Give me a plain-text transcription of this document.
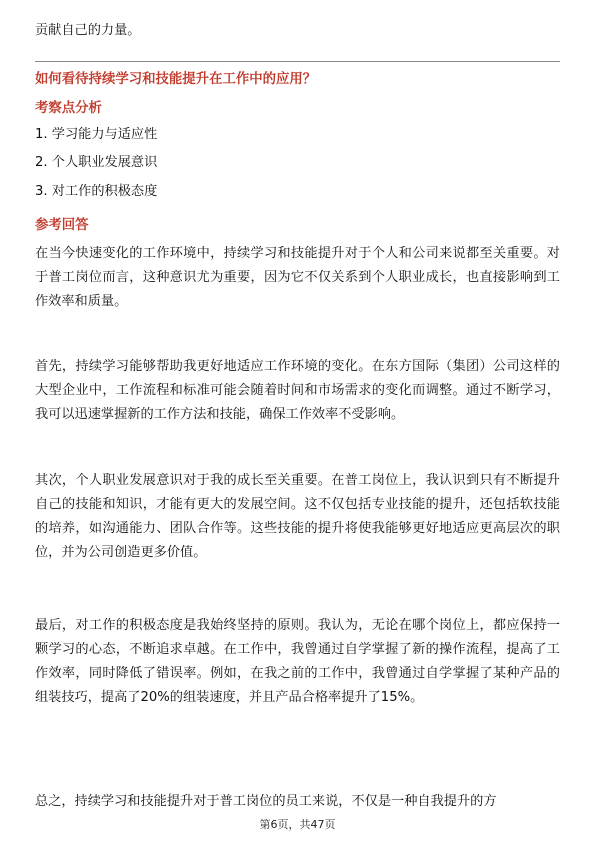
贡献自己的力量。

如何看待持续学习和技能提升在工作中的应用？

考察点分析

1. 学习能力与适应性

2. 个人职业发展意识

3. 对工作的积极态度

参考回答

在当今快速变化的工作环境中，持续学习和技能提升对于个人和公司来说都至关重要。对于普工岗位而言，这种意识尤为重要，因为它不仅关系到个人职业成长，也直接影响到工作效率和质量。

首先，持续学习能够帮助我更好地适应工作环境的变化。在东方国际（集团）公司这样的大型企业中，工作流程和标准可能会随着时间和市场需求的变化而调整。通过不断学习，我可以迅速掌握新的工作方法和技能，确保工作效率不受影响。

其次，个人职业发展意识对于我的成长至关重要。在普工岗位上，我认识到只有不断提升自己的技能和知识，才能有更大的发展空间。这不仅包括专业技能的提升，还包括软技能的培养，如沟通能力、团队合作等。这些技能的提升将使我能够更好地适应更高层次的职位，并为公司创造更多价值。

最后，对工作的积极态度是我始终坚持的原则。我认为，无论在哪个岗位上，都应保持一颗学习的心态，不断追求卓越。在工作中，我曾通过自学掌握了新的操作流程，提高了工作效率，同时降低了错误率。例如，在我之前的工作中，我曾通过自学掌握了某种产品的组装技巧，提高了20%的组装速度，并且产品合格率提升了15%。

总之，持续学习和技能提升对于普工岗位的员工来说，不仅是一种自我提升的方

第6页，共47页
